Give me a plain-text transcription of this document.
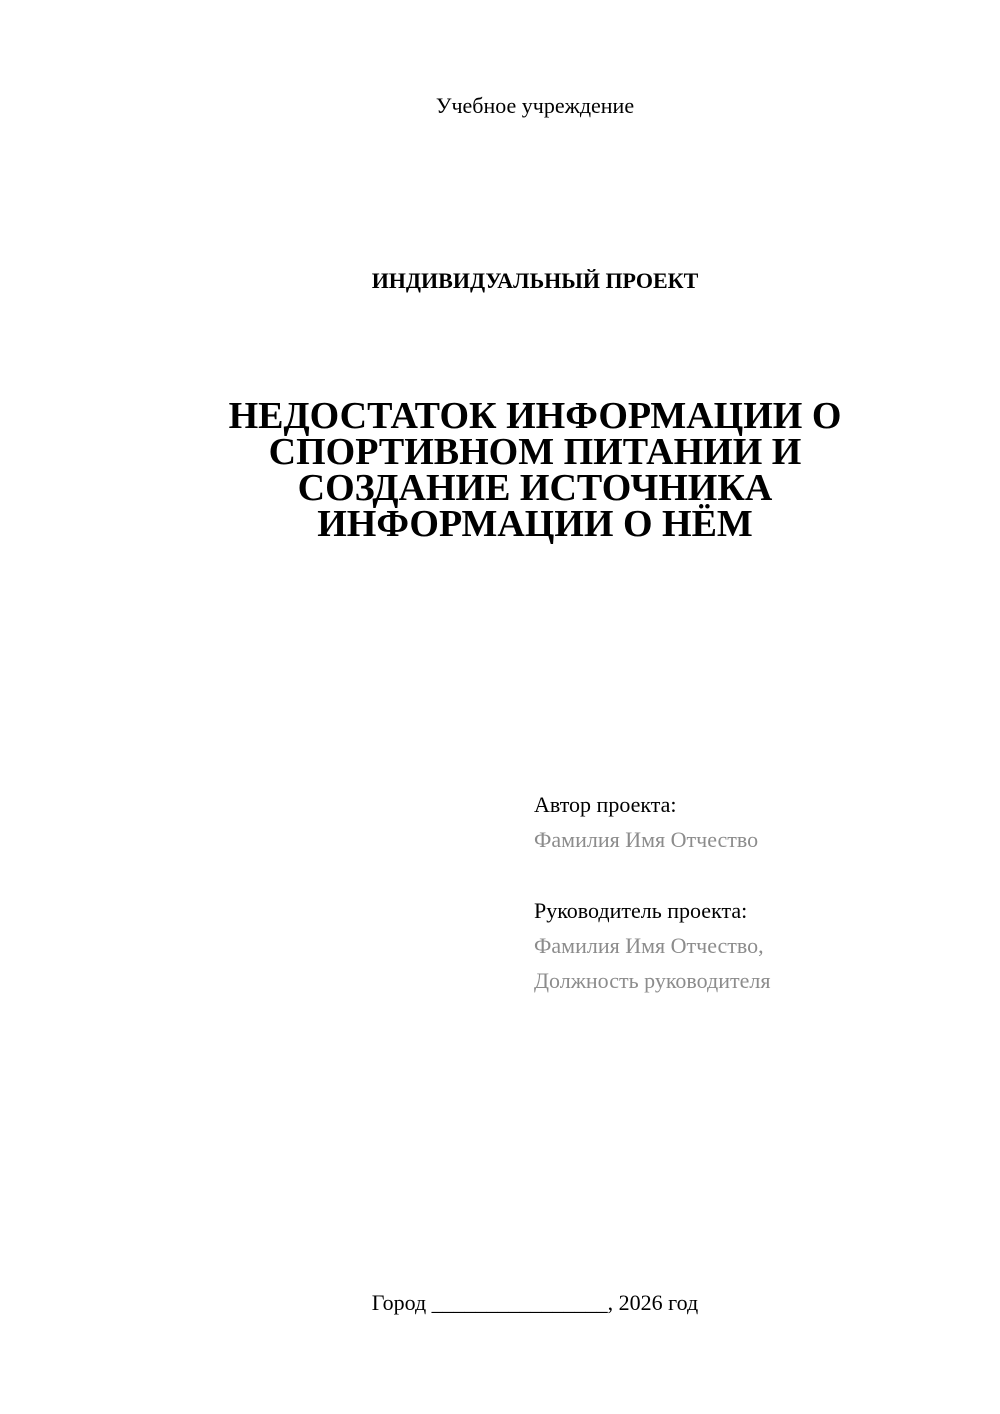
Учебное учреждение
ИНДИВИДУАЛЬНЫЙ ПРОЕКТ
НЕДОСТАТОК ИНФОРМАЦИИ О
СПОРТИВНОМ ПИТАНИИ И
СОЗДАНИЕ ИСТОЧНИКА
ИНФОРМАЦИИ О НЁМ
Автор проекта:
Фамилия Имя Отчество
Руководитель проекта:
Фамилия Имя Отчество,
Должность руководителя
Город ________________, 2026 год
